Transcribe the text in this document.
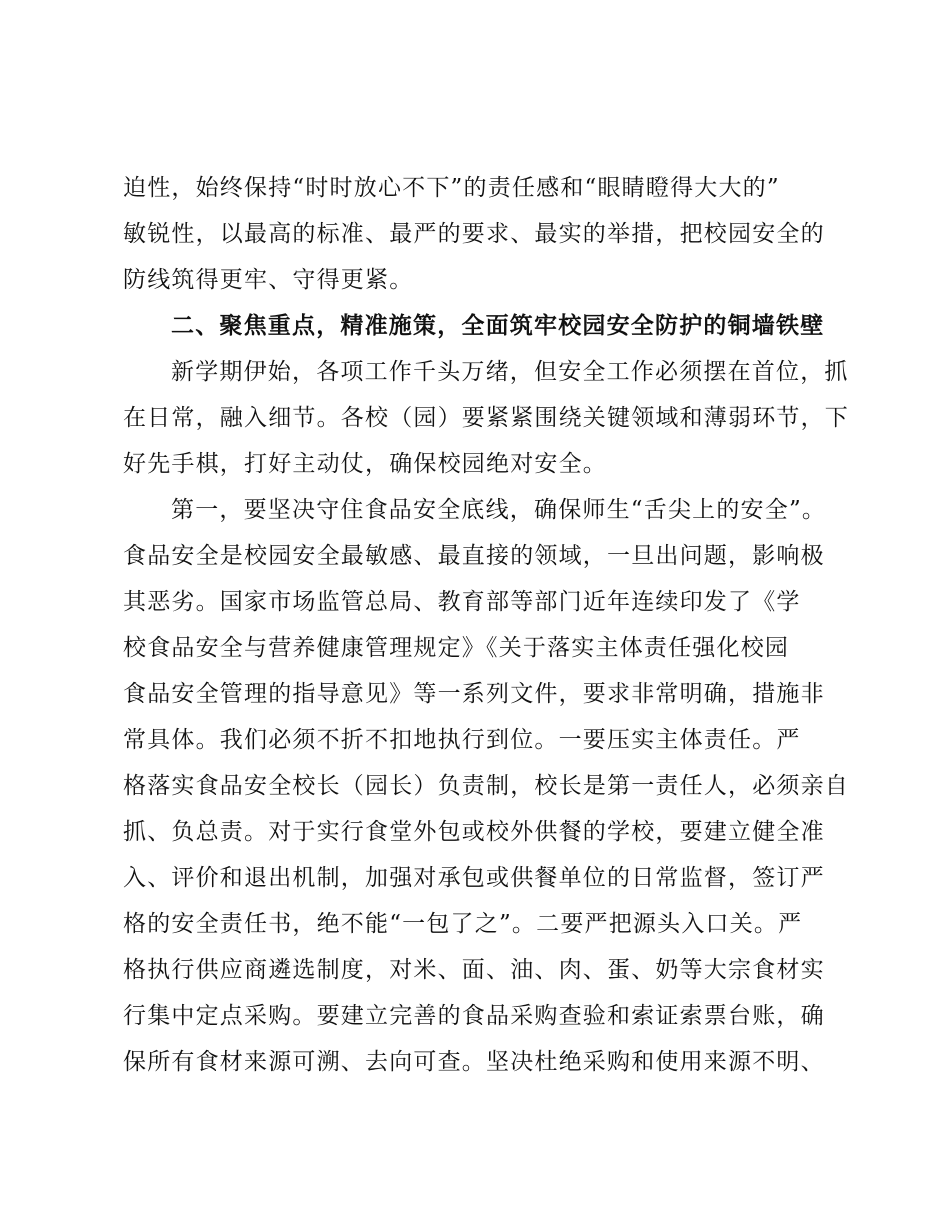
迫性，始终保持“时时放心不下”的责任感和“眼睛瞪得大大的”
敏锐性，以最高的标准、最严的要求、最实的举措，把校园安全的
防线筑得更牢、守得更紧。
二、聚焦重点，精准施策，全面筑牢校园安全防护的铜墙铁壁
新学期伊始，各项工作千头万绪，但安全工作必须摆在首位，抓
在日常，融入细节。各校（园）要紧紧围绕关键领域和薄弱环节，下
好先手棋，打好主动仗，确保校园绝对安全。
第一，要坚决守住食品安全底线，确保师生“舌尖上的安全”。
食品安全是校园安全最敏感、最直接的领域，一旦出问题，影响极
其恶劣。国家市场监管总局、教育部等部门近年连续印发了《学
校食品安全与营养健康管理规定》《关于落实主体责任强化校园
食品安全管理的指导意见》等一系列文件，要求非常明确，措施非
常具体。我们必须不折不扣地执行到位。一要压实主体责任。严
格落实食品安全校长（园长）负责制，校长是第一责任人，必须亲自
抓、负总责。对于实行食堂外包或校外供餐的学校，要建立健全准
入、评价和退出机制，加强对承包或供餐单位的日常监督，签订严
格的安全责任书，绝不能“一包了之”。二要严把源头入口关。严
格执行供应商遴选制度，对米、面、油、肉、蛋、奶等大宗食材实
行集中定点采购。要建立完善的食品采购查验和索证索票台账，确
保所有食材来源可溯、去向可查。坚决杜绝采购和使用来源不明、
